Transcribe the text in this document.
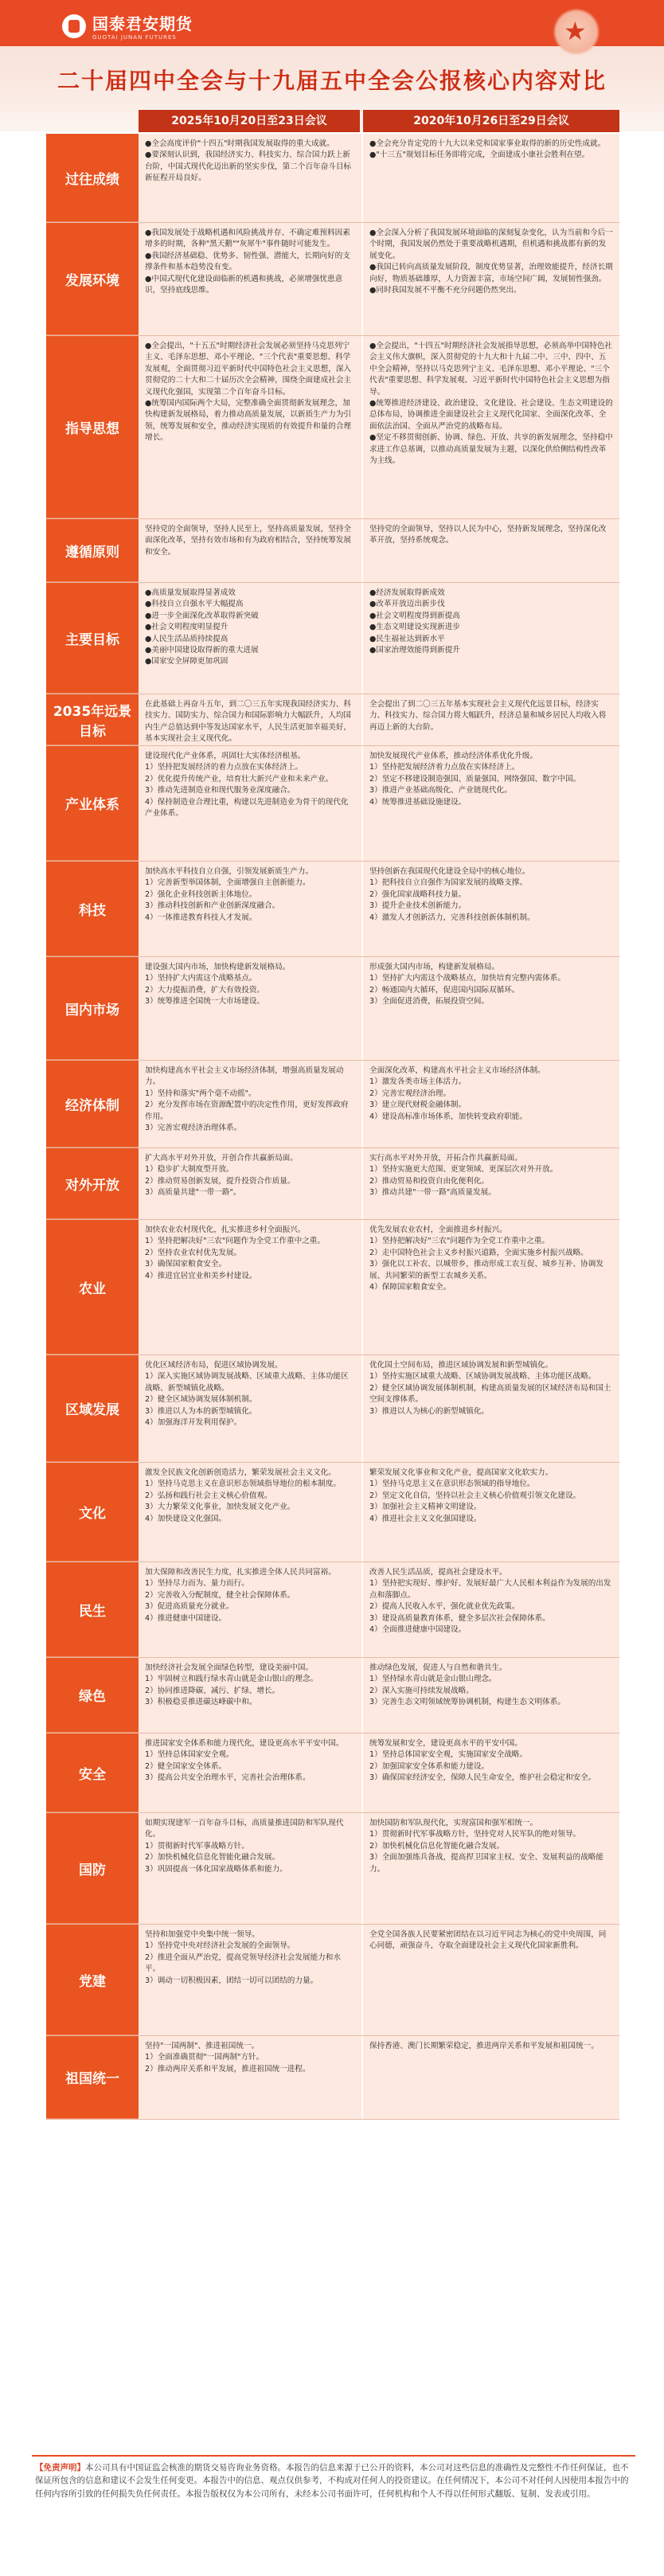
国泰君安期货
GUOTAI JUNAN FUTURES	★
二十届四中全会与十九届五中全会公报核心内容对比
2025年10月20日至23日会议	2020年10月26日至29日会议
过往成绩
●全会高度评价"十四五"时期我国发展取得的重大成就。
●要深刻认识到，我国经济实力、科技实力、综合国力跃上新台阶，中国式现代化迈出新的坚实步伐，第二个百年奋斗目标新征程开局良好。
●全会充分肯定党的十九大以来党和国家事业取得的新的历史性成就。
●"十三五"规划目标任务即将完成，全面建成小康社会胜利在望。
发展环境
●我国发展处于战略机遇和风险挑战并存、不确定难预料因素增多的时期，各种"黑天鹅""灰犀牛"事件随时可能发生。
●我国经济基础稳、优势多、韧性强、潜能大，长期向好的支撑条件和基本趋势没有变。
●中国式现代化建设面临新的机遇和挑战，必须增强忧患意识，坚持底线思维。
●全会深入分析了我国发展环境面临的深刻复杂变化，认为当前和今后一个时期，我国发展仍然处于重要战略机遇期，但机遇和挑战都有新的发展变化。
●我国已转向高质量发展阶段，制度优势显著，治理效能提升，经济长期向好，物质基础雄厚，人力资源丰富，市场空间广阔，发展韧性强劲。
●同时我国发展不平衡不充分问题仍然突出。
指导思想
●全会提出，"十五五"时期经济社会发展必须坚持马克思列宁主义、毛泽东思想、邓小平理论、"三个代表"重要思想、科学发展观，全面贯彻习近平新时代中国特色社会主义思想，深入贯彻党的二十大和二十届历次全会精神，围绕全面建成社会主义现代化强国，实现第二个百年奋斗目标。
●统筹国内国际两个大局，完整准确全面贯彻新发展理念，加快构建新发展格局，着力推动高质量发展，以新质生产力为引领，统筹发展和安全，推动经济实现质的有效提升和量的合理增长。
●全会提出，"十四五"时期经济社会发展指导思想，必须高举中国特色社会主义伟大旗帜，深入贯彻党的十九大和十九届二中、三中、四中、五中全会精神，坚持以马克思列宁主义、毛泽东思想、邓小平理论、"三个代表"重要思想、科学发展观、习近平新时代中国特色社会主义思想为指导。
●统筹推进经济建设、政治建设、文化建设、社会建设、生态文明建设的总体布局，协调推进全面建设社会主义现代化国家、全面深化改革、全面依法治国、全面从严治党的战略布局。
●坚定不移贯彻创新、协调、绿色、开放、共享的新发展理念，坚持稳中求进工作总基调，以推动高质量发展为主题，以深化供给侧结构性改革为主线。
遵循原则
坚持党的全面领导，坚持人民至上，坚持高质量发展，坚持全面深化改革，坚持有效市场和有为政府相结合，坚持统筹发展和安全。
坚持党的全面领导，坚持以人民为中心，坚持新发展理念，坚持深化改革开放，坚持系统观念。
主要目标
●高质量发展取得显著成效
●科技自立自强水平大幅提高
●进一步全面深化改革取得新突破
●社会文明程度明显提升
●人民生活品质持续提高
●美丽中国建设取得新的重大进展
●国家安全屏障更加巩固
●经济发展取得新成效
●改革开放迈出新步伐
●社会文明程度得到新提高
●生态文明建设实现新进步
●民生福祉达到新水平
●国家治理效能得到新提升
2035年远景目标
在此基础上再奋斗五年，到二〇三五年实现我国经济实力、科技实力、国防实力、综合国力和国际影响力大幅跃升，人均国内生产总值达到中等发达国家水平，人民生活更加幸福美好，基本实现社会主义现代化。
全会提出了到二〇三五年基本实现社会主义现代化远景目标，经济实力、科技实力、综合国力将大幅跃升，经济总量和城乡居民人均收入将再迈上新的大台阶。
产业体系
建设现代化产业体系，巩固壮大实体经济根基。
1）坚持把发展经济的着力点放在实体经济上。
2）优化提升传统产业，培育壮大新兴产业和未来产业。
3）推动先进制造业和现代服务业深度融合。
4）保持制造业合理比重，构建以先进制造业为骨干的现代化产业体系。
加快发展现代产业体系，推动经济体系优化升级。
1）坚持把发展经济着力点放在实体经济上。
2）坚定不移建设制造强国、质量强国、网络强国、数字中国。
3）推进产业基础高级化、产业链现代化。
4）统筹推进基础设施建设。
科技
加快高水平科技自立自强，引领发展新质生产力。
1）完善新型举国体制，全面增强自主创新能力。
2）强化企业科技创新主体地位。
3）推动科技创新和产业创新深度融合。
4）一体推进教育科技人才发展。
坚持创新在我国现代化建设全局中的核心地位。
1）把科技自立自强作为国家发展的战略支撑。
2）强化国家战略科技力量。
3）提升企业技术创新能力。
4）激发人才创新活力，完善科技创新体制机制。
国内市场
建设强大国内市场，加快构建新发展格局。
1）坚持扩大内需这个战略基点。
2）大力提振消费，扩大有效投资。
3）统筹推进全国统一大市场建设。
形成强大国内市场，构建新发展格局。
1）坚持扩大内需这个战略基点，加快培育完整内需体系。
2）畅通国内大循环，促进国内国际双循环。
3）全面促进消费，拓展投资空间。
经济体制
加快构建高水平社会主义市场经济体制，增强高质量发展动力。
1）坚持和落实"两个毫不动摇"。
2）充分发挥市场在资源配置中的决定性作用，更好发挥政府作用。
3）完善宏观经济治理体系。
全面深化改革，构建高水平社会主义市场经济体制。
1）激发各类市场主体活力。
2）完善宏观经济治理。
3）建立现代财税金融体制。
4）建设高标准市场体系，加快转变政府职能。
对外开放
扩大高水平对外开放，开创合作共赢新局面。
1）稳步扩大制度型开放。
2）推动贸易创新发展，提升投资合作质量。
3）高质量共建"一带一路"。
实行高水平对外开放，开拓合作共赢新局面。
1）坚持实施更大范围、更宽领域、更深层次对外开放。
2）推动贸易和投资自由化便利化。
3）推动共建"一带一路"高质量发展。
农业
加快农业农村现代化，扎实推进乡村全面振兴。
1）坚持把解决好"三农"问题作为全党工作重中之重。
2）坚持农业农村优先发展。
3）确保国家粮食安全。
4）推进宜居宜业和美乡村建设。
优先发展农业农村，全面推进乡村振兴。
1）坚持把解决好"三农"问题作为全党工作重中之重。
2）走中国特色社会主义乡村振兴道路，全面实施乡村振兴战略。
3）强化以工补农、以城带乡，推动形成工农互促、城乡互补、协调发展、共同繁荣的新型工农城乡关系。
4）保障国家粮食安全。
区域发展
优化区域经济布局，促进区域协调发展。
1）深入实施区域协调发展战略、区域重大战略、主体功能区战略、新型城镇化战略。
2）健全区域协调发展体制机制。
3）推进以人为本的新型城镇化。
4）加强海洋开发利用保护。
优化国土空间布局，推进区域协调发展和新型城镇化。
1）坚持实施区域重大战略、区域协调发展战略、主体功能区战略。
2）健全区域协调发展体制机制，构建高质量发展的区域经济布局和国土空间支撑体系。
3）推进以人为核心的新型城镇化。
文化
激发全民族文化创新创造活力，繁荣发展社会主义文化。
1）坚持马克思主义在意识形态领域指导地位的根本制度。
2）弘扬和践行社会主义核心价值观。
3）大力繁荣文化事业，加快发展文化产业。
4）加快建设文化强国。
繁荣发展文化事业和文化产业，提高国家文化软实力。
1）坚持马克思主义在意识形态领域的指导地位。
2）坚定文化自信，坚持以社会主义核心价值观引领文化建设。
3）加强社会主义精神文明建设。
4）推进社会主义文化强国建设。
民生
加大保障和改善民生力度，扎实推进全体人民共同富裕。
1）坚持尽力而为、量力而行。
2）完善收入分配制度，健全社会保障体系。
3）促进高质量充分就业。
4）推进健康中国建设。
改善人民生活品质，提高社会建设水平。
1）坚持把实现好、维护好、发展好最广大人民根本利益作为发展的出发点和落脚点。
2）提高人民收入水平，强化就业优先政策。
3）建设高质量教育体系，健全多层次社会保障体系。
4）全面推进健康中国建设。
绿色
加快经济社会发展全面绿色转型，建设美丽中国。
1）牢固树立和践行绿水青山就是金山银山的理念。
2）协同推进降碳、减污、扩绿、增长。
3）积极稳妥推进碳达峰碳中和。
推动绿色发展，促进人与自然和谐共生。
1）坚持绿水青山就是金山银山理念。
2）深入实施可持续发展战略。
3）完善生态文明领域统筹协调机制，构建生态文明体系。
安全
推进国家安全体系和能力现代化，建设更高水平平安中国。
1）坚持总体国家安全观。
2）健全国家安全体系。
3）提高公共安全治理水平，完善社会治理体系。
统筹发展和安全，建设更高水平的平安中国。
1）坚持总体国家安全观，实施国家安全战略。
2）加强国家安全体系和能力建设。
3）确保国家经济安全，保障人民生命安全，维护社会稳定和安全。
国防
如期实现建军一百年奋斗目标，高质量推进国防和军队现代化。
1）贯彻新时代军事战略方针。
2）加快机械化信息化智能化融合发展。
3）巩固提高一体化国家战略体系和能力。
加快国防和军队现代化，实现富国和强军相统一。
1）贯彻新时代军事战略方针，坚持党对人民军队的绝对领导。
2）加快机械化信息化智能化融合发展。
3）全面加强练兵备战，提高捍卫国家主权、安全、发展利益的战略能力。
党建
坚持和加强党中央集中统一领导。
1）坚持党中央对经济社会发展的全面领导。
2）推进全面从严治党，提高党领导经济社会发展能力和水平。
3）调动一切积极因素，团结一切可以团结的力量。
全党全国各族人民要紧密团结在以习近平同志为核心的党中央周围，同心同德，顽强奋斗，夺取全面建设社会主义现代化国家新胜利。
祖国统一
坚持"一国两制"、推进祖国统一。
1）全面准确贯彻"一国两制"方针。
2）推动两岸关系和平发展，推进祖国统一进程。
保持香港、澳门长期繁荣稳定，推进两岸关系和平发展和祖国统一。
【免责声明】本公司具有中国证监会核准的期货交易咨询业务资格。本报告的信息来源于已公开的资料，本公司对这些信息的准确性及完整性不作任何保证，也不保证所包含的信息和建议不会发生任何变更。本报告中的信息、观点仅供参考，不构成对任何人的投资建议。在任何情况下，本公司不对任何人因使用本报告中的任何内容所引致的任何损失负任何责任。本报告版权仅为本公司所有，未经本公司书面许可，任何机构和个人不得以任何形式翻版、复制、发表或引用。
